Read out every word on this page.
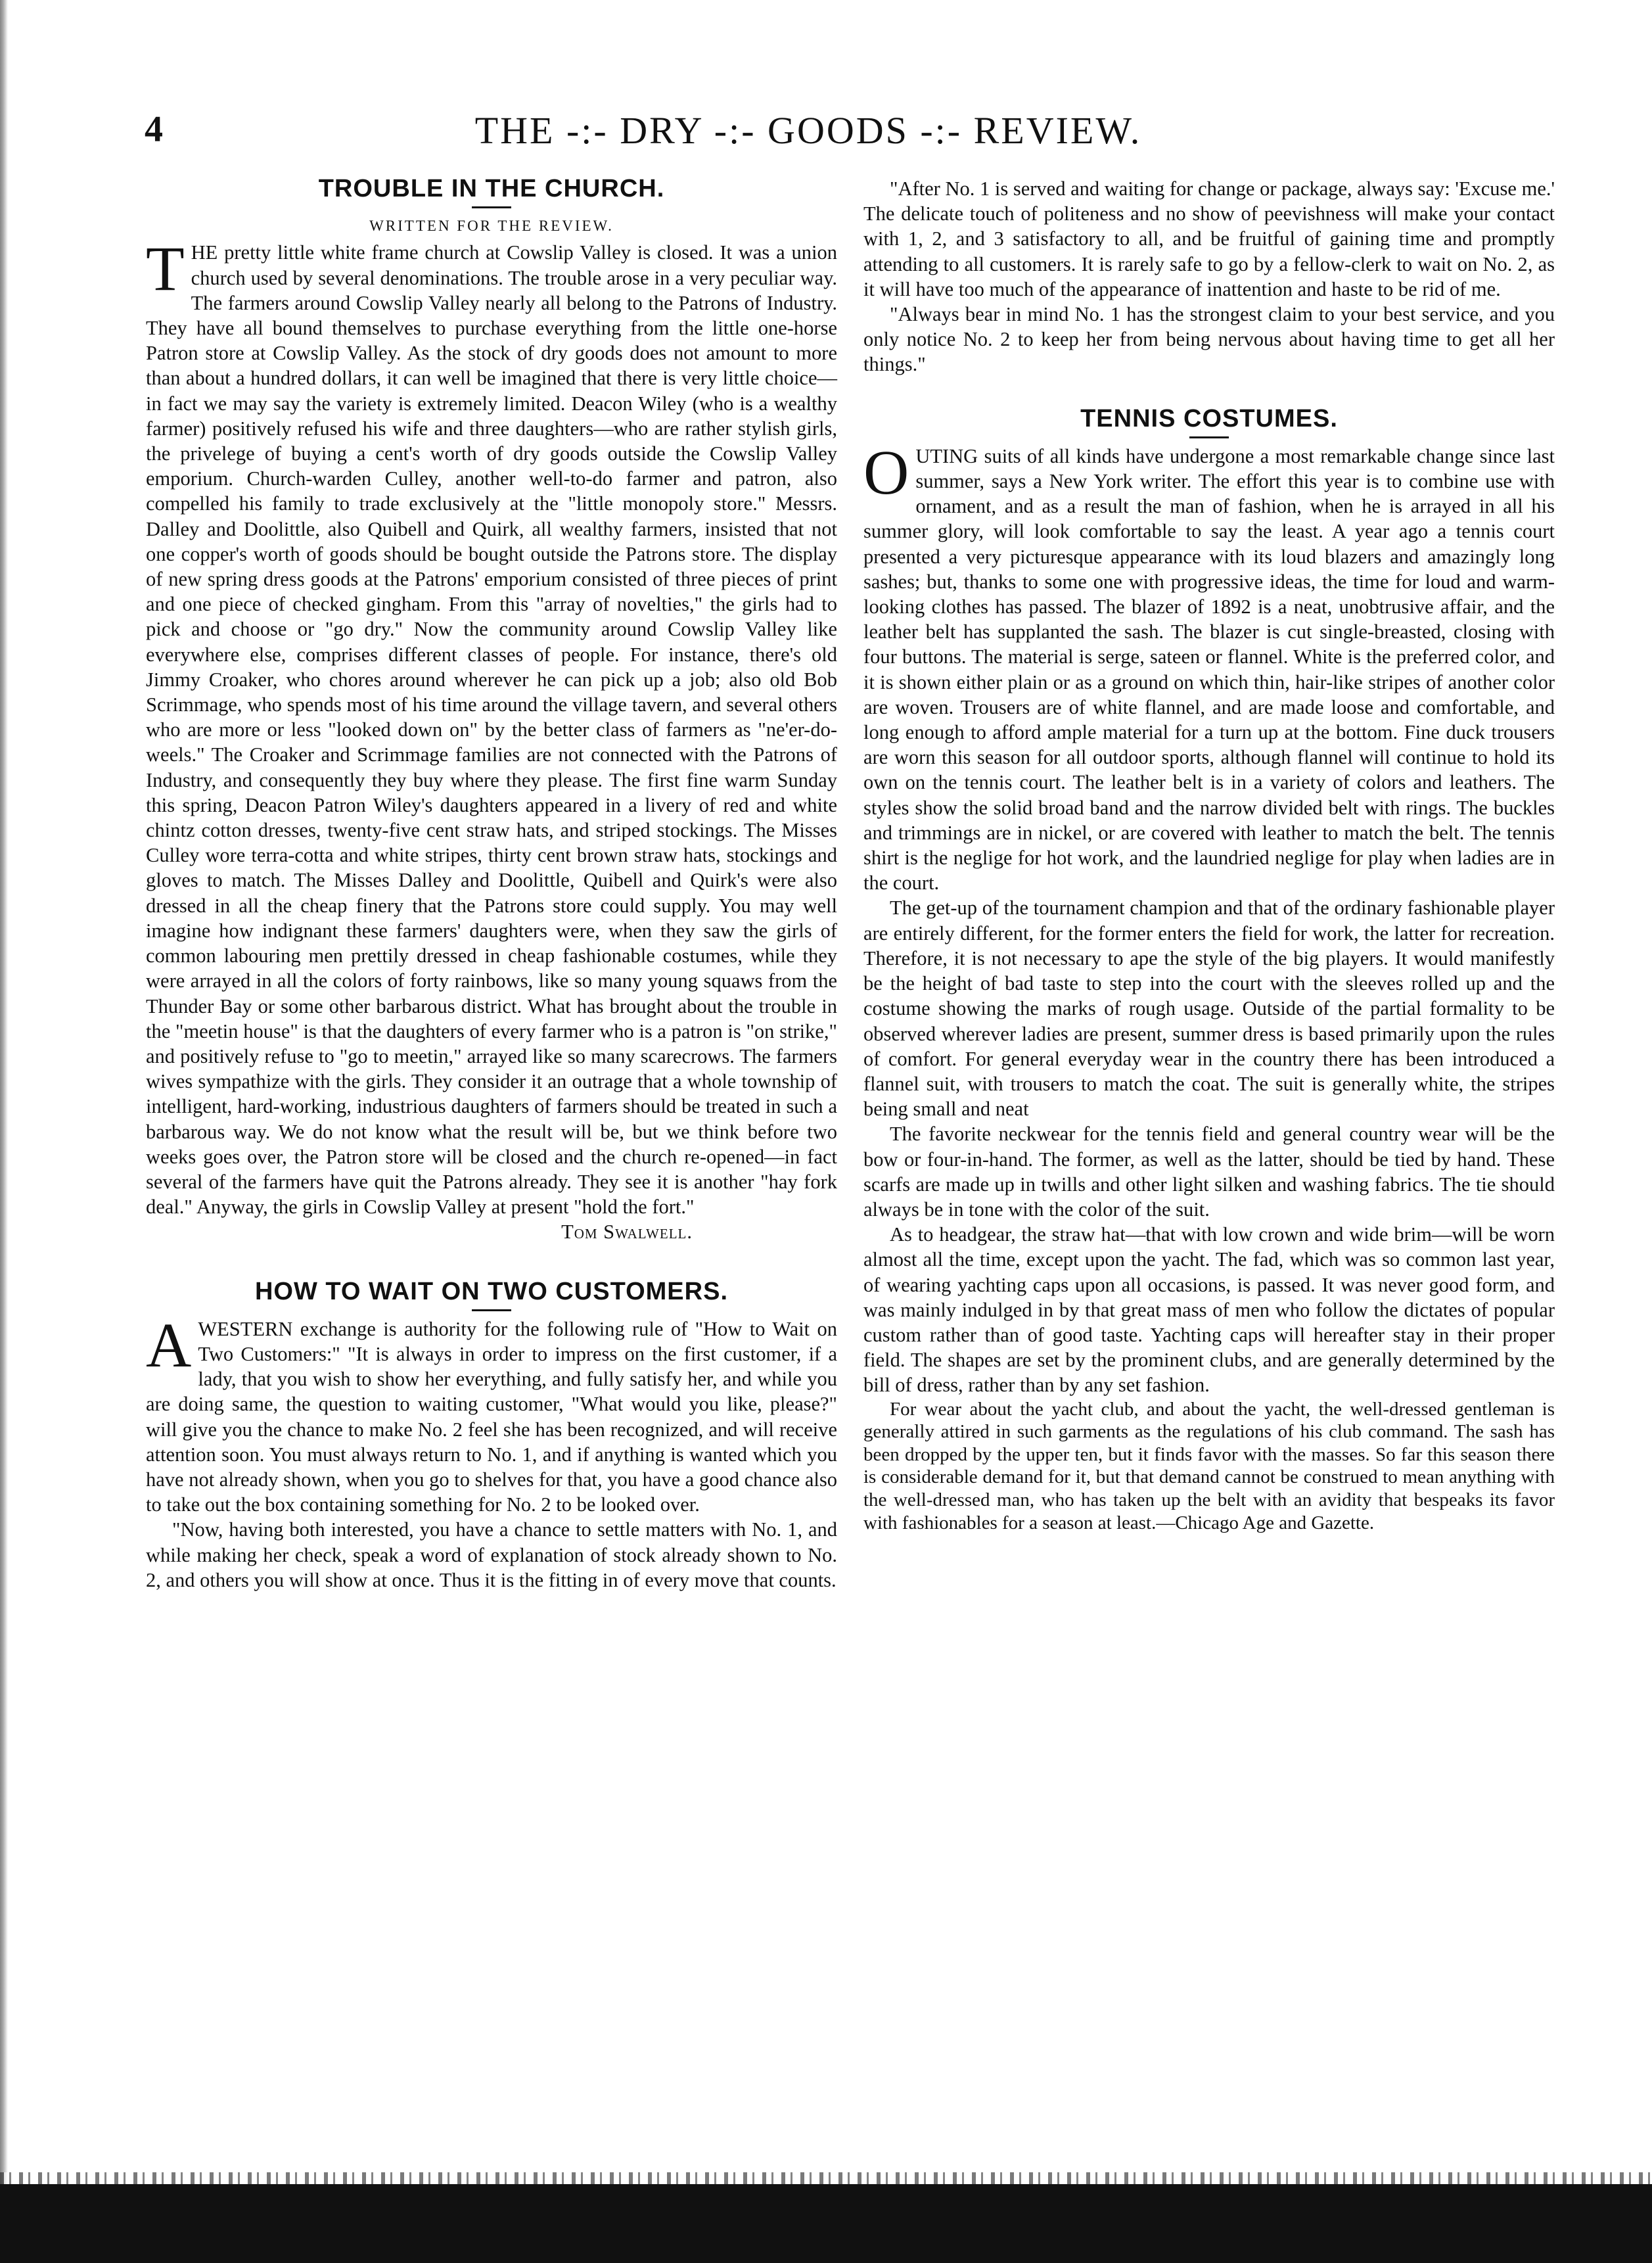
4	THE -:- DRY -:- GOODS -:- REVIEW.
TROUBLE IN THE CHURCH.
WRITTEN FOR THE REVIEW.

THE pretty little white frame church at Cowslip Valley is closed. It was a union church used by several denominations. The trouble arose in a very peculiar way. The farmers around Cowslip Valley nearly all belong to the Patrons of Industry. They have all bound themselves to purchase everything from the little one-horse Patron store at Cowslip Valley. As the stock of dry goods does not amount to more than about a hundred dollars, it can well be imagined that there is very little choice—in fact we may say the variety is extremely limited. Deacon Wiley (who is a wealthy farmer) positively refused his wife and three daughters—who are rather stylish girls, the privelege of buying a cent's worth of dry goods outside the Cowslip Valley emporium. Church-warden Culley, another well-to-do farmer and patron, also compelled his family to trade exclusively at the "little monopoly store." Messrs. Dalley and Doolittle, also Quibell and Quirk, all wealthy farmers, insisted that not one copper's worth of goods should be bought outside the Patrons store. The display of new spring dress goods at the Patrons' emporium consisted of three pieces of print and one piece of checked gingham. From this "array of novelties," the girls had to pick and choose or "go dry." Now the community around Cowslip Valley like everywhere else, comprises different classes of people. For instance, there's old Jimmy Croaker, who chores around wherever he can pick up a job; also old Bob Scrimmage, who spends most of his time around the village tavern, and several others who are more or less "looked down on" by the better class of farmers as "ne'er-do-weels." The Croaker and Scrimmage families are not connected with the Patrons of Industry, and consequently they buy where they please. The first fine warm Sunday this spring, Deacon Patron Wiley's daughters appeared in a livery of red and white chintz cotton dresses, twenty-five cent straw hats, and striped stockings. The Misses Culley wore terra-cotta and white stripes, thirty cent brown straw hats, stockings and gloves to match. The Misses Dalley and Doolittle, Quibell and Quirk's were also dressed in all the cheap finery that the Patrons store could supply. You may well imagine how indignant these farmers' daughters were, when they saw the girls of common labouring men prettily dressed in cheap fashionable costumes, while they were arrayed in all the colors of forty rainbows, like so many young squaws from the Thunder Bay or some other barbarous district. What has brought about the trouble in the "meetin house" is that the daughters of every farmer who is a patron is "on strike," and positively refuse to "go to meetin," arrayed like so many scarecrows. The farmers wives sympathize with the girls. They consider it an outrage that a whole township of intelligent, hard-working, industrious daughters of farmers should be treated in such a barbarous way. We do not know what the result will be, but we think before two weeks goes over, the Patron store will be closed and the church re-opened—in fact several of the farmers have quit the Patrons already. They see it is another "hay fork deal." Anyway, the girls in Cowslip Valley at present "hold the fort."

Tom Swalwell.
HOW TO WAIT ON TWO CUSTOMERS.

AWESTERN exchange is authority for the following rule of "How to Wait on Two Customers:" "It is always in order to impress on the first customer, if a lady, that you wish to show her everything, and fully satisfy her, and while you are doing same, the question to waiting customer, "What would you like, please?" will give you the chance to make No. 2 feel she has been recognized, and will receive attention soon. You must always return to No. 1, and if anything is wanted which you have not already shown, when you go to shelves for that, you have a good chance also to take out the box containing something for No. 2 to be looked over.

"Now, having both interested, you have a chance to settle matters with No. 1, and while making her check, speak a word of explanation of stock already shown to No. 2, and others you will show at once. Thus it is the fitting in of every move that counts.

"After No. 1 is served and waiting for change or package, always say: 'Excuse me.' The delicate touch of politeness and no show of peevishness will make your contact with 1, 2, and 3 satisfactory to all, and be fruitful of gaining time and promptly attending to all customers. It is rarely safe to go by a fellow-clerk to wait on No. 2, as it will have too much of the appearance of inattention and haste to be rid of me.

"Always bear in mind No. 1 has the strongest claim to your best service, and you only notice No. 2 to keep her from being nervous about having time to get all her things."

TENNIS COSTUMES.

OUTING suits of all kinds have undergone a most remarkable change since last summer, says a New York writer. The effort this year is to combine use with ornament, and as a result the man of fashion, when he is arrayed in all his summer glory, will look comfortable to say the least. A year ago a tennis court presented a very picturesque appearance with its loud blazers and amazingly long sashes; but, thanks to some one with progressive ideas, the time for loud and warm-looking clothes has passed. The blazer of 1892 is a neat, unobtrusive affair, and the leather belt has supplanted the sash. The blazer is cut single-breasted, closing with four buttons. The material is serge, sateen or flannel. White is the preferred color, and it is shown either plain or as a ground on which thin, hair-like stripes of another color are woven. Trousers are of white flannel, and are made loose and comfortable, and long enough to afford ample material for a turn up at the bottom. Fine duck trousers are worn this season for all outdoor sports, although flannel will continue to hold its own on the tennis court. The leather belt is in a variety of colors and leathers. The styles show the solid broad band and the narrow divided belt with rings. The buckles and trimmings are in nickel, or are covered with leather to match the belt. The tennis shirt is the neglige for hot work, and the laundried neglige for play when ladies are in the court.

The get-up of the tournament champion and that of the ordinary fashionable player are entirely different, for the former enters the field for work, the latter for recreation. Therefore, it is not necessary to ape the style of the big players. It would manifestly be the height of bad taste to step into the court with the sleeves rolled up and the costume showing the marks of rough usage. Outside of the partial formality to be observed wherever ladies are present, summer dress is based primarily upon the rules of comfort. For general everyday wear in the country there has been introduced a flannel suit, with trousers to match the coat. The suit is generally white, the stripes being small and neat

The favorite neckwear for the tennis field and general country wear will be the bow or four-in-hand. The former, as well as the latter, should be tied by hand. These scarfs are made up in twills and other light silken and washing fabrics. The tie should always be in tone with the color of the suit.

As to headgear, the straw hat—that with low crown and wide brim—will be worn almost all the time, except upon the yacht. The fad, which was so common last year, of wearing yachting caps upon all occasions, is passed. It was never good form, and was mainly indulged in by that great mass of men who follow the dictates of popular custom rather than of good taste. Yachting caps will hereafter stay in their proper field. The shapes are set by the prominent clubs, and are generally determined by the bill of dress, rather than by any set fashion.

For wear about the yacht club, and about the yacht, the well-dressed gentleman is generally attired in such garments as the regulations of his club command. The sash has been dropped by the upper ten, but it finds favor with the masses. So far this season there is considerable demand for it, but that demand cannot be construed to mean anything with the well-dressed man, who has taken up the belt with an avidity that bespeaks its favor with fashionables for a season at least.—Chicago Age and Gazette.
